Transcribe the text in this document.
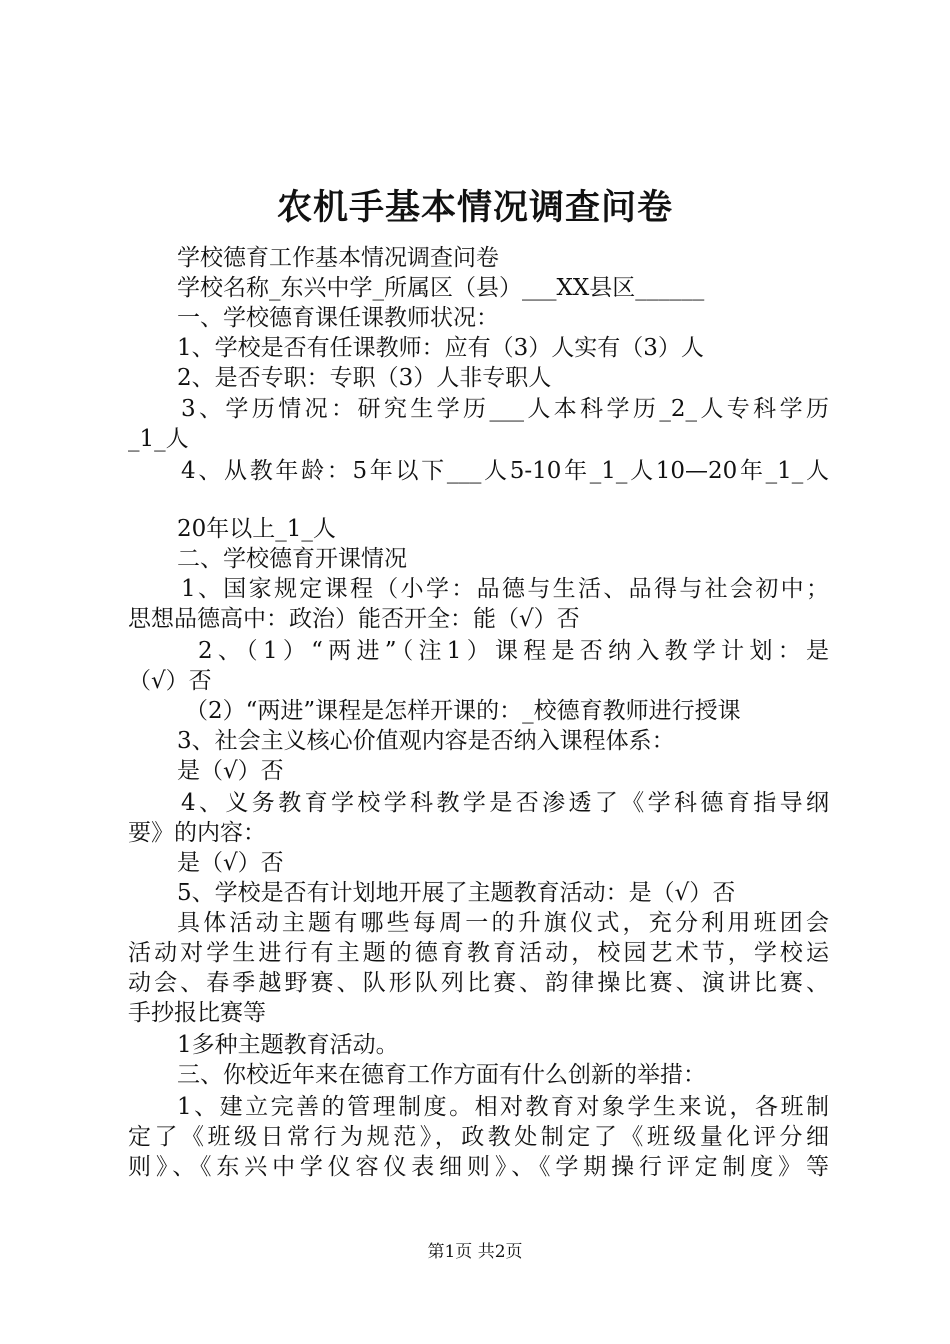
农机手基本情况调查问卷
学校德育工作基本情况调查问卷
学校名称_东兴中学_所属区（县）___XX县区______
一、学校德育课任课教师状况：
1、学校是否有任课教师：应有（3）人实有（3）人
2、是否专职：专职（3）人非专职人
3、学历情况：研究生学历___人本科学历_2_人专科学历
_1_人
4、从教年龄：5年以下___人5-10年_1_人10—20年_1_人
20年以上_1_人
二、学校德育开课情况
1、国家规定课程（小学：品德与生活、品得与社会初中；
思想品德高中：政治）能否开全：能（√）否
2、（1）“两进”（注1）课程是否纳入教学计划：是
（√）否
（2）“两进”课程是怎样开课的：_校德育教师进行授课
3、社会主义核心价值观内容是否纳入课程体系：
是（√）否
4、义务教育学校学科教学是否渗透了《学科德育指导纲
要》的内容：
是（√）否
5、学校是否有计划地开展了主题教育活动：是（√）否
具体活动主题有哪些每周一的升旗仪式，充分利用班团会
活动对学生进行有主题的德育教育活动，校园艺术节，学校运
动会、春季越野赛、队形队列比赛、韵律操比赛、演讲比赛、
手抄报比赛等
1多种主题教育活动。
三、你校近年来在德育工作方面有什么创新的举措：
1、建立完善的管理制度。相对教育对象学生来说，各班制
定了《班级日常行为规范》，政教处制定了《班级量化评分细
则》、《东兴中学仪容仪表细则》、《学期操行评定制度》等
第1页 共2页
